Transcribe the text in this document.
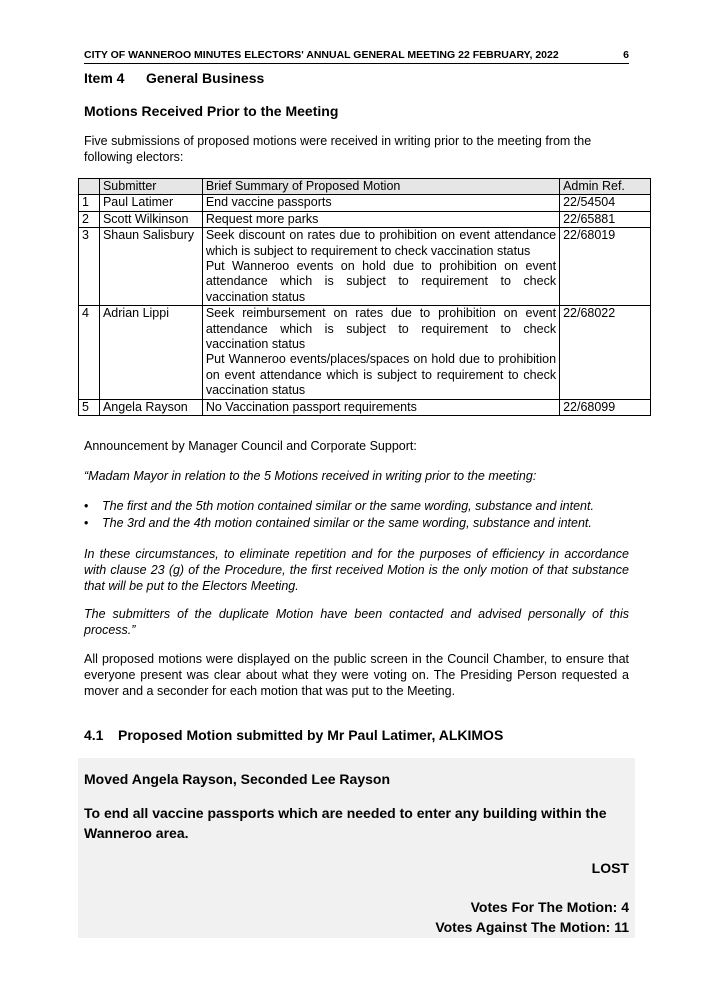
CITY OF WANNEROO MINUTES ELECTORS' ANNUAL GENERAL MEETING 22 FEBRUARY, 2022	6
Item 4 General Business
Motions Received Prior to the Meeting

Five submissions of proposed motions were received in writing prior to the meeting from the following electors:

	Submitter	Brief Summary of Proposed Motion	Admin Ref.
1	Paul Latimer	End vaccine passports	22/54504
2	Scott Wilkinson	Request more parks	22/65881
3	Shaun Salisbury	Seek discount on rates due to prohibition on event attendance which is subject to requirement to check vaccination status
Put Wanneroo events on hold due to prohibition on event attendance which is subject to requirement to check vaccination status	22/68019
4	Adrian Lippi	Seek reimbursement on rates due to prohibition on event attendance which is subject to requirement to check vaccination status
Put Wanneroo events/places/spaces on hold due to prohibition on event attendance which is subject to requirement to check vaccination status	22/68022
5	Angela Rayson	No Vaccination passport requirements	22/68099

Announcement by Manager Council and Corporate Support:

“Madam Mayor in relation to the 5 Motions received in writing prior to the meeting:

• The first and the 5th motion contained similar or the same wording, substance and intent.
• The 3rd and the 4th motion contained similar or the same wording, substance and intent.

In these circumstances, to eliminate repetition and for the purposes of efficiency in accordance with clause 23 (g) of the Procedure, the first received Motion is the only motion of that substance that will be put to the Electors Meeting.

The submitters of the duplicate Motion have been contacted and advised personally of this process.”

All proposed motions were displayed on the public screen in the Council Chamber, to ensure that everyone present was clear about what they were voting on. The Presiding Person requested a mover and a seconder for each motion that was put to the Meeting.

4.1 Proposed Motion submitted by Mr Paul Latimer, ALKIMOS
Moved Angela Rayson, Seconded Lee Rayson
To end all vaccine passports which are needed to enter any building within the Wanneroo area.
LOST
Votes For The Motion: 4
Votes Against The Motion: 11
